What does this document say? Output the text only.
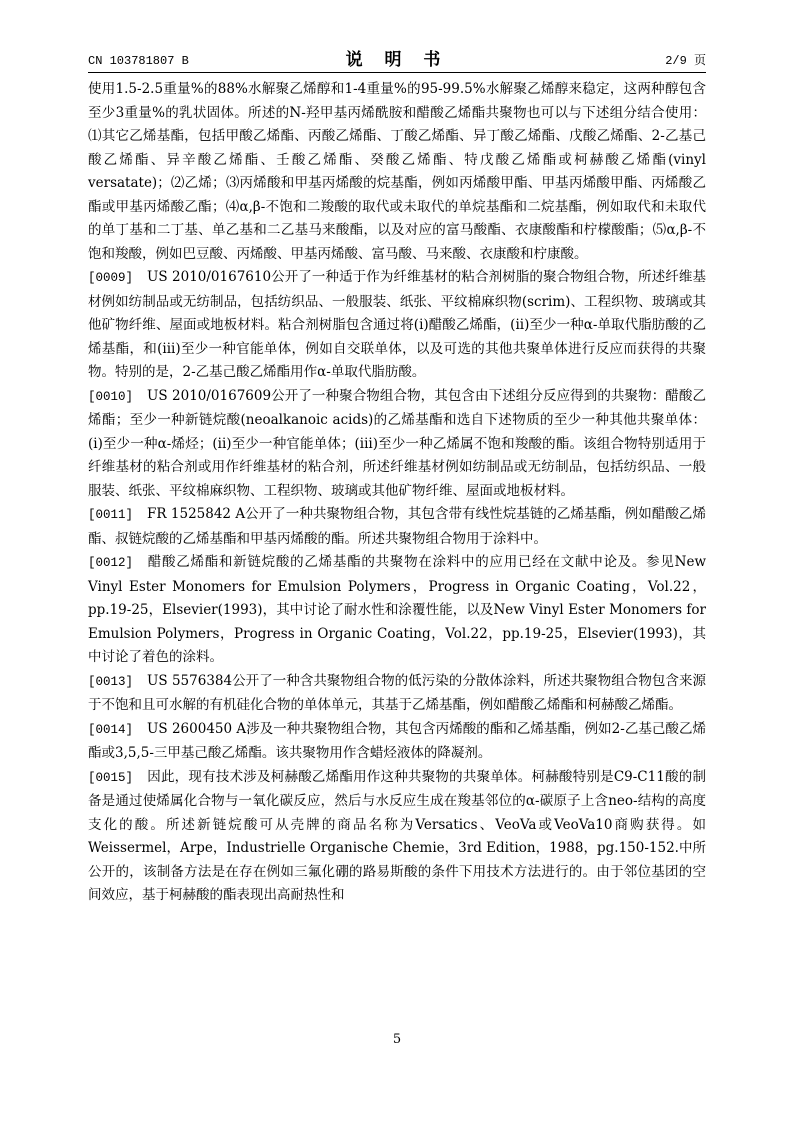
CN 103781807 B	说 明 书	2/9 页

使用1.5-2.5重量%的88%水解聚乙烯醇和1-4重量%的95-99.5%水解聚乙烯醇来稳定，这两种醇包含至少3重量%的乳状固体。所述的N-羟甲基丙烯酰胺和醋酸乙烯酯共聚物也可以与下述组分结合使用：⑴其它乙烯基酯，包括甲酸乙烯酯、丙酸乙烯酯、丁酸乙烯酯、异丁酸乙烯酯、戊酸乙烯酯、2-乙基己酸乙烯酯、异辛酸乙烯酯、壬酸乙烯酯、癸酸乙烯酯、特戊酸乙烯酯或柯赫酸乙烯酯(vinyl versatate)；⑵乙烯；⑶丙烯酸和甲基丙烯酸的烷基酯，例如丙烯酸甲酯、甲基丙烯酸甲酯、丙烯酸乙酯或甲基丙烯酸乙酯；⑷α,β-不饱和二羧酸的取代或未取代的单烷基酯和二烷基酯，例如取代和未取代的单丁基和二丁基、单乙基和二乙基马来酸酯，以及对应的富马酸酯、衣康酸酯和柠檬酸酯；⑸α,β-不饱和羧酸，例如巴豆酸、丙烯酸、甲基丙烯酸、富马酸、马来酸、衣康酸和柠康酸。

[0009] US 2010/0167610公开了一种适于作为纤维基材的粘合剂树脂的聚合物组合物，所述纤维基材例如纺制品或无纺制品，包括纺织品、一般服装、纸张、平纹棉麻织物(scrim)、工程织物、玻璃或其他矿物纤维、屋面或地板材料。粘合剂树脂包含通过将(i)醋酸乙烯酯，(ii)至少一种α-单取代脂肪酸的乙烯基酯，和(iii)至少一种官能单体，例如自交联单体，以及可选的其他共聚单体进行反应而获得的共聚物。特别的是，2-乙基己酸乙烯酯用作α-单取代脂肪酸。

[0010] US 2010/0167609公开了一种聚合物组合物，其包含由下述组分反应得到的共聚物：醋酸乙烯酯；至少一种新链烷酸(neoalkanoic acids)的乙烯基酯和选自下述物质的至少一种其他共聚单体：(i)至少一种α-烯烃；(ii)至少一种官能单体；(iii)至少一种乙烯属不饱和羧酸的酯。该组合物特别适用于纤维基材的粘合剂或用作纤维基材的粘合剂，所述纤维基材例如纺制品或无纺制品，包括纺织品、一般服装、纸张、平纹棉麻织物、工程织物、玻璃或其他矿物纤维、屋面或地板材料。

[0011] FR 1525842 A公开了一种共聚物组合物，其包含带有线性烷基链的乙烯基酯，例如醋酸乙烯酯、叔链烷酸的乙烯基酯和甲基丙烯酸的酯。所述共聚物组合物用于涂料中。

[0012] 醋酸乙烯酯和新链烷酸的乙烯基酯的共聚物在涂料中的应用已经在文献中论及。参见New Vinyl Ester Monomers for Emulsion Polymers，Progress in Organic Coating，Vol.22，pp.19-25，Elsevier(1993)，其中讨论了耐水性和涂覆性能，以及New Vinyl Ester Monomers for Emulsion Polymers，Progress in Organic Coating，Vol.22，pp.19-25，Elsevier(1993)，其中讨论了着色的涂料。

[0013] US 5576384公开了一种含共聚物组合物的低污染的分散体涂料，所述共聚物组合物包含来源于不饱和且可水解的有机硅化合物的单体单元，其基于乙烯基酯，例如醋酸乙烯酯和柯赫酸乙烯酯。

[0014] US 2600450 A涉及一种共聚物组合物，其包含丙烯酸的酯和乙烯基酯，例如2-乙基己酸乙烯酯或3,5,5-三甲基己酸乙烯酯。该共聚物用作含蜡烃液体的降凝剂。

[0015] 因此，现有技术涉及柯赫酸乙烯酯用作这种共聚物的共聚单体。柯赫酸特别是C9-C11酸的制备是通过使烯属化合物与一氧化碳反应，然后与水反应生成在羧基邻位的α-碳原子上含neo-结构的高度支化的酸。所述新链烷酸可从壳牌的商品名称为Versatics、VeoVa或VeoVa10商购获得。如Weissermel，Arpe，Industrielle Organische Chemie，3rd Edition，1988，pg.150-152.中所公开的，该制备方法是在存在例如三氟化硼的路易斯酸的条件下用技术方法进行的。由于邻位基团的空间效应，基于柯赫酸的酯表现出高耐热性和

5
